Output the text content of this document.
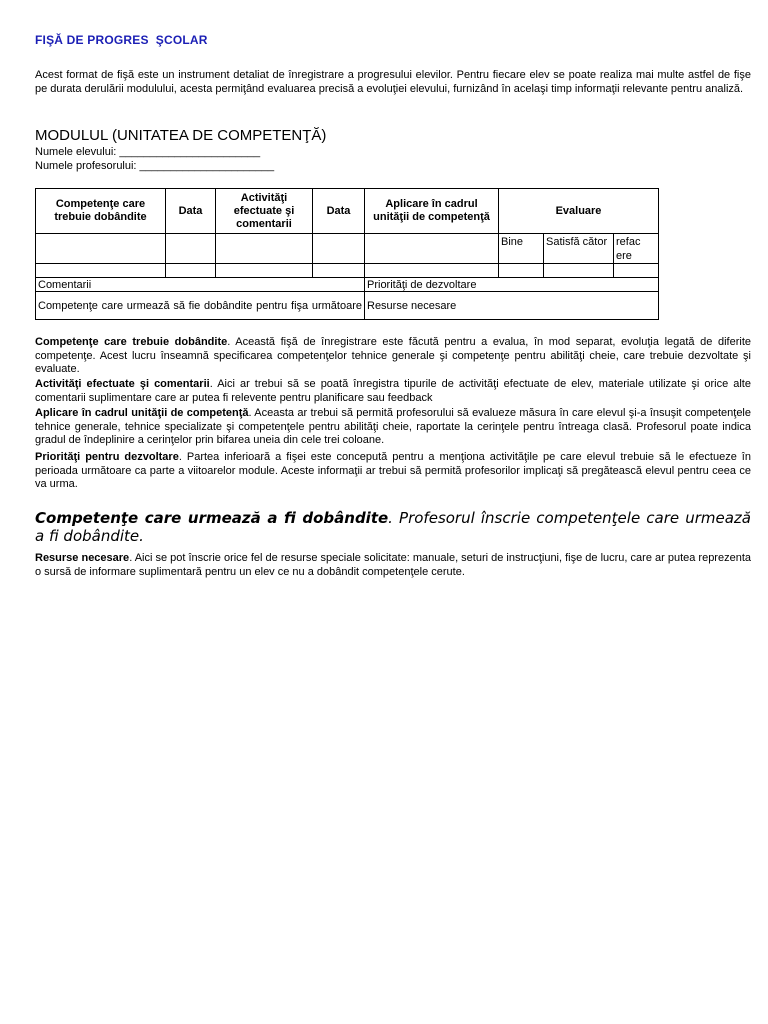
FIŞĂ DE PROGRES  ŞCOLAR
Acest format de fişă este un instrument detaliat de înregistrare a progresului elevilor. Pentru fiecare elev se poate realiza mai multe astfel de fişe pe durata derulării modulului, acesta permiţând evaluarea precisă a evoluţiei elevului, furnizând în acelaşi timp informaţii relevante pentru analiză.
MODULUL (UNITATEA DE COMPETENŢĂ)
Numele elevului: _______________________
Numele profesorului: ______________________
Competenţe care trebuie dobândite	Data	Activităţi efectuate şi comentarii	Data	Aplicare în cadrul unităţii de competenţă	Evaluare		
					Bine	Satisfă cător	refac ere

Comentarii				Priorităţi de dezvoltare			
Competenţe care urmează să fie dobândite pentru fişa următoare				Resurse necesare			
Competenţe care trebuie dobândite. Această fişă de înregistrare este făcută pentru a evalua, în mod separat, evoluţia legată de diferite competenţe. Acest lucru înseamnă specificarea competenţelor tehnice generale şi competenţe pentru abilităţi cheie, care trebuie dezvoltate şi evaluate.
Activităţi efectuate şi comentarii. Aici ar trebui să se poată înregistra tipurile de activităţi efectuate de elev, materiale utilizate şi orice alte comentarii suplimentare care ar putea fi relevente pentru planificare sau feedback
Aplicare în cadrul unităţii de competenţă. Aceasta ar trebui să permită profesorului să evalueze măsura în care elevul şi-a însuşit competenţele tehnice generale, tehnice specializate şi competenţele pentru abilităţi cheie, raportate la cerinţele pentru întreaga clasă. Profesorul poate indica gradul de îndeplinire a cerinţelor prin bifarea uneia din cele trei coloane.
Priorităţi pentru dezvoltare. Partea inferioară a fişei este concepută pentru a menţiona activităţile pe care elevul trebuie să le efectueze în perioada următoare ca parte a viitoarelor module. Aceste informaţii ar trebui să permită profesorilor implicaţi să pregătească elevul pentru ceea ce va urma.
Competenţe care urmează a fi dobândite. Profesorul înscrie competenţele care urmează a fi dobândite.
Resurse necesare. Aici se pot înscrie orice fel de resurse speciale solicitate: manuale, seturi de instrucţiuni, fişe de lucru, care ar putea reprezenta o sursă de informare suplimentară pentru un elev ce nu a dobândit competenţele cerute.
